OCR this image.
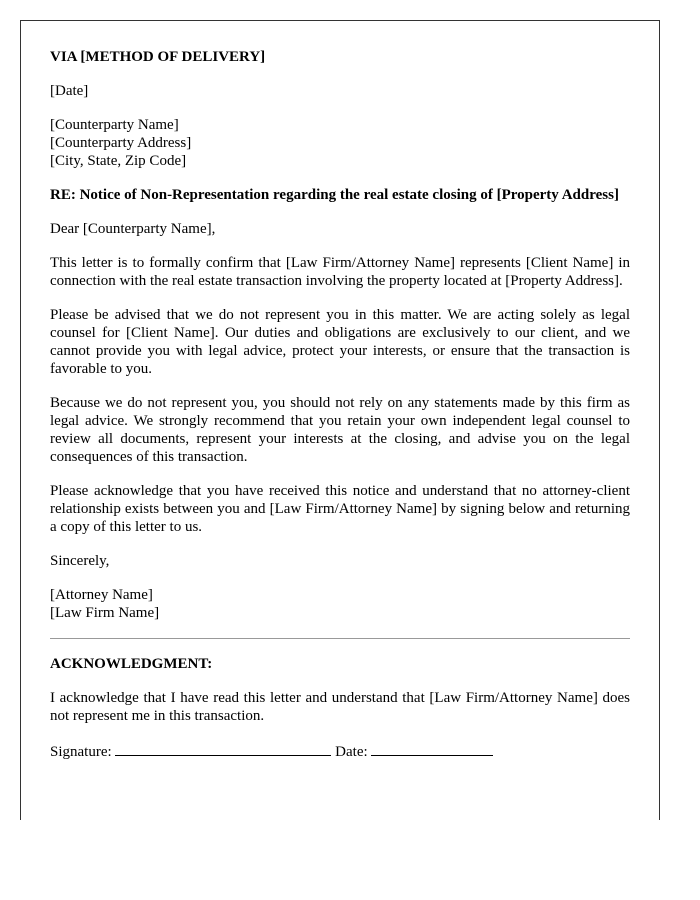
VIA [METHOD OF DELIVERY]

[Date]

[Counterparty Name]
[Counterparty Address]
[City, State, Zip Code]

RE: Notice of Non-Representation regarding the real estate closing of [Property Address]

Dear [Counterparty Name],

This letter is to formally confirm that [Law Firm/Attorney Name] represents [Client Name] in connection with the real estate transaction involving the property located at [Property Address].

Please be advised that we do not represent you in this matter. We are acting solely as legal counsel for [Client Name]. Our duties and obligations are exclusively to our client, and we cannot provide you with legal advice, protect your interests, or ensure that the transaction is favorable to you.

Because we do not represent you, you should not rely on any statements made by this firm as legal advice. We strongly recommend that you retain your own independent legal counsel to review all documents, represent your interests at the closing, and advise you on the legal consequences of this transaction.

Please acknowledge that you have received this notice and understand that no attorney-client relationship exists between you and [Law Firm/Attorney Name] by signing below and returning a copy of this letter to us.

Sincerely,

[Attorney Name]
[Law Firm Name]

ACKNOWLEDGMENT:

I acknowledge that I have read this letter and understand that [Law Firm/Attorney Name] does not represent me in this transaction.

Signature:	Date:
